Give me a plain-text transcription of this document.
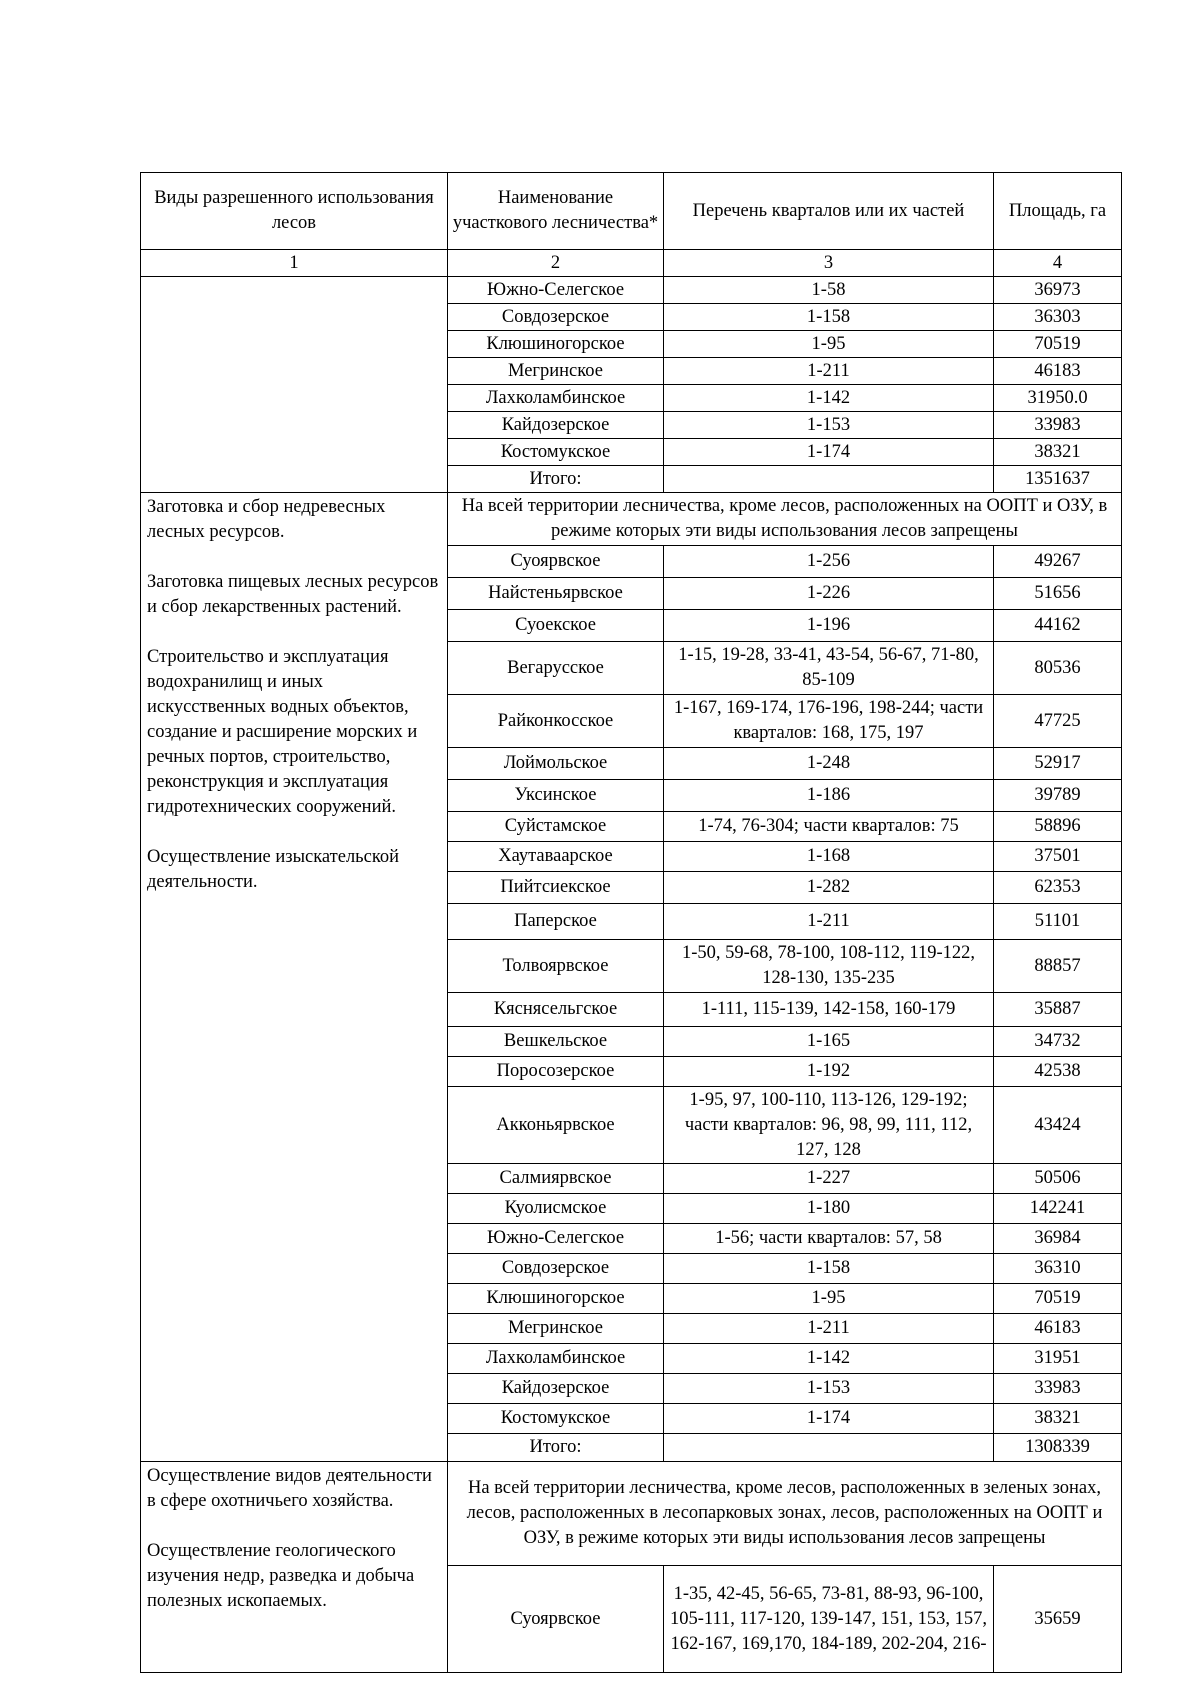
Виды разрешенного использования лесов	Наименование участкового лесничества*	Перечень кварталов или их частей	Площадь, га
1	2	3	4
	Южно-Селегское	1-58	36973
	Совдозерское	1-158	36303
	Клюшиногорское	1-95	70519
	Мегринское	1-211	46183
	Лахколамбинское	1-142	31950.0
	Кайдозерское	1-153	33983
	Костомукское	1-174	38321
	Итого:		1351637
Заготовка и сбор недревесных лесных ресурсов.
Заготовка пищевых лесных ресурсов и сбор лекарственных растений.
Строительство и эксплуатация водохранилищ и иных искусственных водных объектов, создание и расширение морских и речных портов, строительство, реконструкция и эксплуатация гидротехнических сооружений.
Осуществление изыскательской деятельности.	На всей территории лесничества, кроме лесов, расположенных на ООПТ и ОЗУ, в режиме которых эти виды использования лесов запрещены		
	Суоярвское	1-256	49267
	Найстеньярвское	1-226	51656
	Суоекское	1-196	44162
	Вегарусское	1-15, 19-28, 33-41, 43-54, 56-67, 71-80, 85-109	80536
	Райконкосское	1-167, 169-174, 176-196, 198-244; части кварталов: 168, 175, 197	47725
	Лоймольское	1-248	52917
	Уксинское	1-186	39789
	Суйстамское	1-74, 76-304; части кварталов: 75	58896
	Хаутаваарское	1-168	37501
	Пийтсиекское	1-282	62353
	Паперское	1-211	51101
	Толвоярвское	1-50, 59-68, 78-100, 108-112, 119-122, 128-130, 135-235	88857
	Кяснясельгское	1-111, 115-139, 142-158, 160-179	35887
	Вешкельское	1-165	34732
	Поросозерское	1-192	42538
	Акконьярвское	1-95, 97, 100-110, 113-126, 129-192; части кварталов: 96, 98, 99, 111, 112, 127, 128	43424
	Салмиярвское	1-227	50506
	Куолисмское	1-180	142241
	Южно-Селегское	1-56; части кварталов: 57, 58	36984
	Совдозерское	1-158	36310
	Клюшиногорское	1-95	70519
	Мегринское	1-211	46183
	Лахколамбинское	1-142	31951
	Кайдозерское	1-153	33983
	Костомукское	1-174	38321
	Итого:		1308339
Осуществление видов деятельности в сфере охотничьего хозяйства.
Осуществление геологического изучения недр, разведка и добыча полезных ископаемых.	На всей территории лесничества, кроме лесов, расположенных в зеленых зонах, лесов, расположенных в лесопарковых зонах, лесов, расположенных на ООПТ и ОЗУ, в режиме которых эти виды использования лесов запрещены		
	Суоярвское	1-35, 42-45, 56-65, 73-81, 88-93, 96-100, 105-111, 117-120, 139-147, 151, 153, 157, 162-167, 169,170, 184-189, 202-204, 216-	35659
